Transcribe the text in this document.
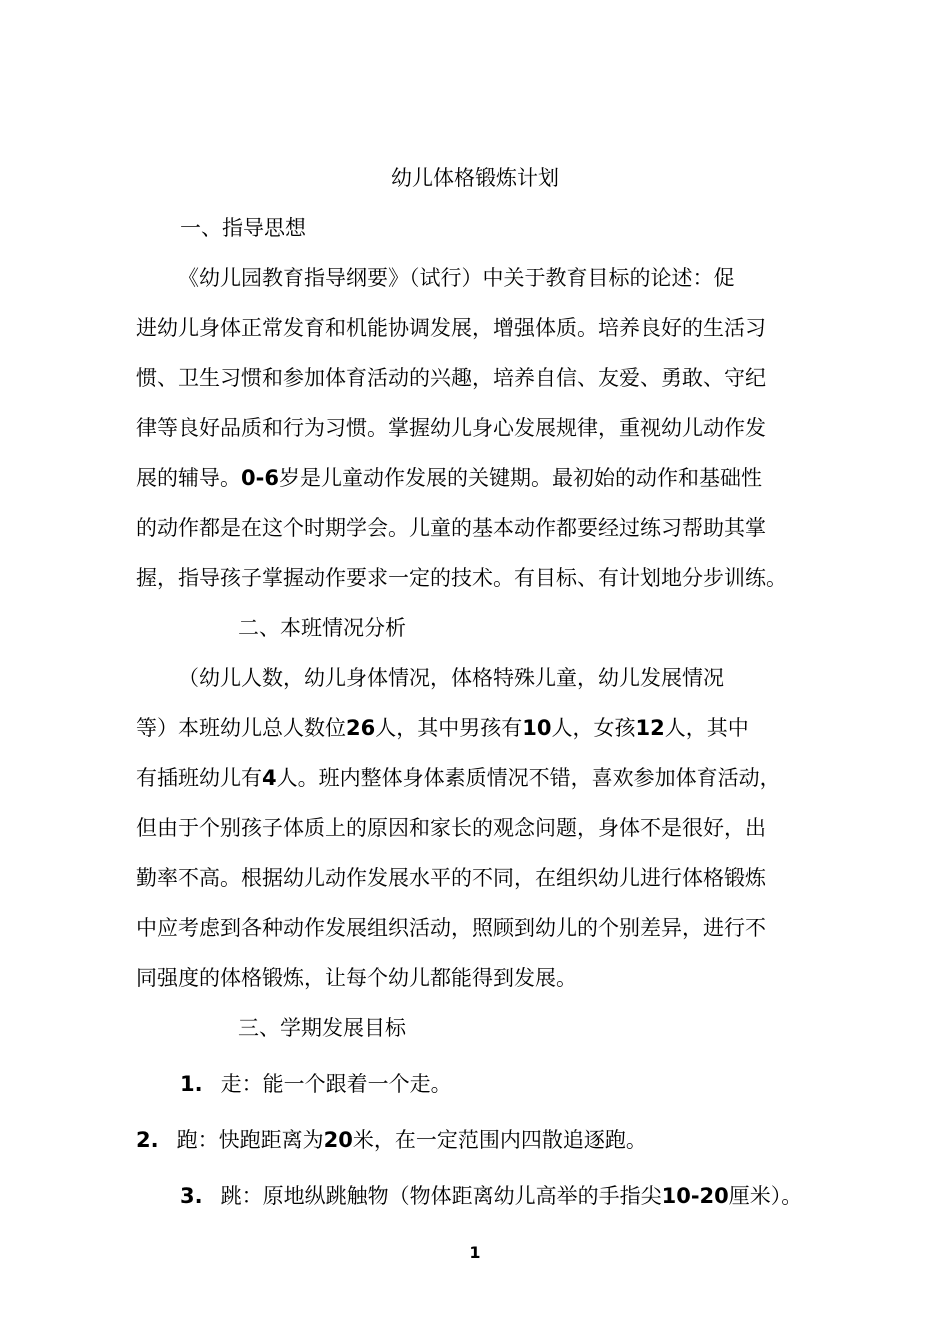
幼儿体格锻炼计划
一、指导思想
《幼儿园教育指导纲要》（试行）中关于教育目标的论述：促
进幼儿身体正常发育和机能协调发展，增强体质。培养良好的生活习
惯、卫生习惯和参加体育活动的兴趣，培养自信、友爱、勇敢、守纪
律等良好品质和行为习惯。掌握幼儿身心发展规律，重视幼儿动作发
展的辅导。0-6岁是儿童动作发展的关键期。最初始的动作和基础性
的动作都是在这个时期学会。儿童的基本动作都要经过练习帮助其掌
握，指导孩子掌握动作要求一定的技术。有目标、有计划地分步训练。
二、本班情况分析
（幼儿人数，幼儿身体情况，体格特殊儿童，幼儿发展情况
等）本班幼儿总人数位26人，其中男孩有10人，女孩12人，其中
有插班幼儿有4人。班内整体身体素质情况不错，喜欢参加体育活动，
但由于个别孩子体质上的原因和家长的观念问题，身体不是很好，出
勤率不高。根据幼儿动作发展水平的不同，在组织幼儿进行体格锻炼
中应考虑到各种动作发展组织活动，照顾到幼儿的个别差异，进行不
同强度的体格锻炼，让每个幼儿都能得到发展。
三、学期发展目标
1. 走：能一个跟着一个走。
2. 跑：快跑距离为20米，在一定范围内四散追逐跑。
3. 跳：原地纵跳触物（物体距离幼儿高举的手指尖10-20厘米）。
1
